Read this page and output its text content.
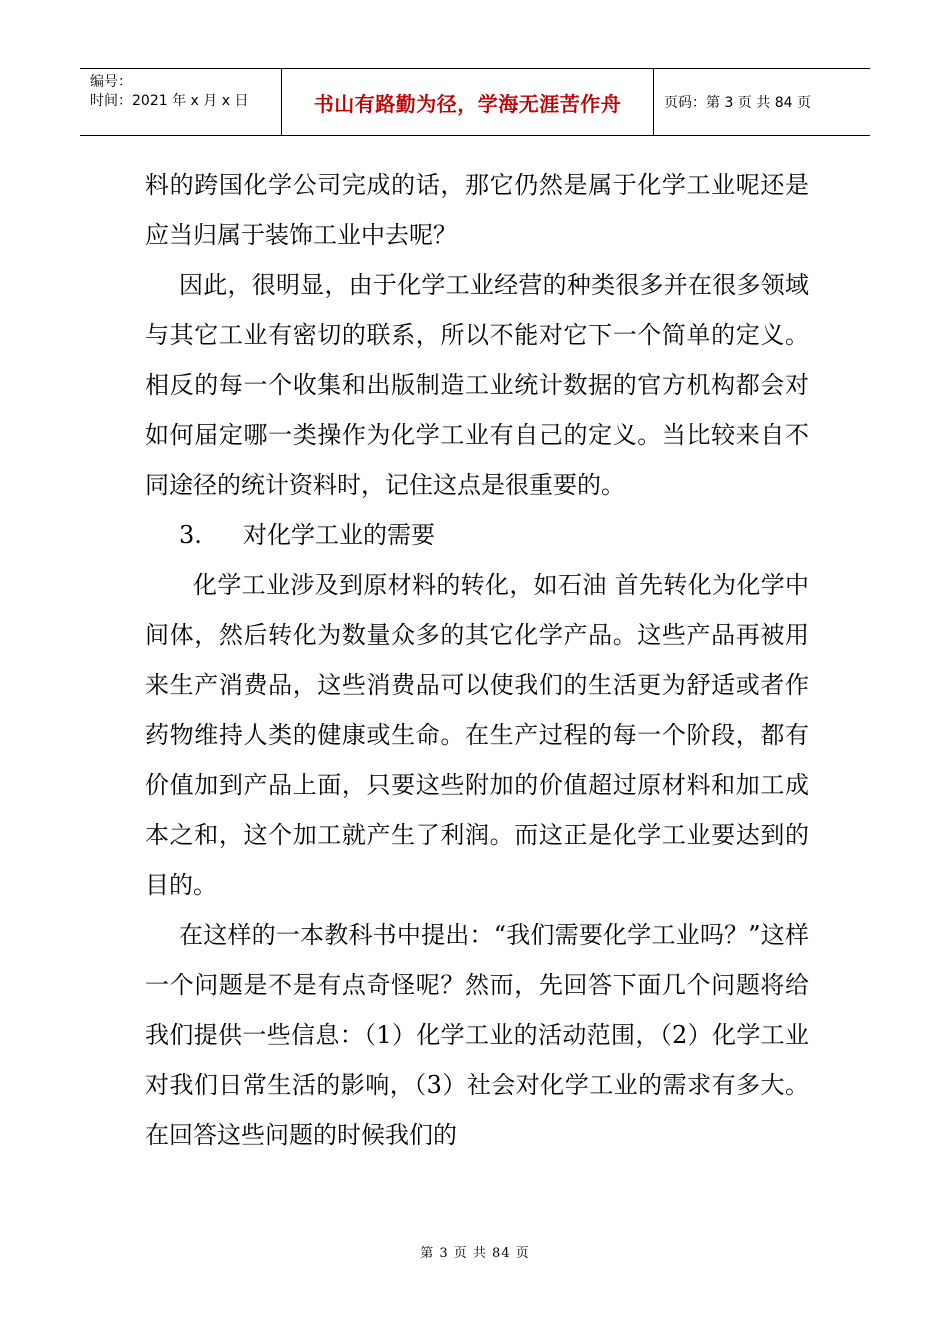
编号：
时间：2021 年 x 月 x 日	书山有路勤为径，学海无涯苦作舟	页码：第 3 页 共 84 页

料的跨国化学公司完成的话，那它仍然是属于化学工业呢还是应当归属于装饰工业中去呢？

因此，很明显，由于化学工业经营的种类很多并在很多领域与其它工业有密切的联系，所以不能对它下一个简单的定义。相反的每一个收集和出版制造工业统计数据的官方机构都会对如何届定哪一类操作为化学工业有自己的定义。当比较来自不同途径的统计资料时，记住这点是很重要的。

3. 对化学工业的需要

化学工业涉及到原材料的转化，如石油 首先转化为化学中间体，然后转化为数量众多的其它化学产品。这些产品再被用来生产消费品，这些消费品可以使我们的生活更为舒适或者作药物维持人类的健康或生命。在生产过程的每一个阶段，都有价值加到产品上面，只要这些附加的价值超过原材料和加工成本之和，这个加工就产生了利润。而这正是化学工业要达到的目的。

在这样的一本教科书中提出：“我们需要化学工业吗？”这样一个问题是不是有点奇怪呢？然而，先回答下面几个问题将给我们提供一些信息：（1）化学工业的活动范围，（2）化学工业对我们日常生活的影响，（3）社会对化学工业的需求有多大。在回答这些问题的时候我们的

第 3 页 共 84 页
